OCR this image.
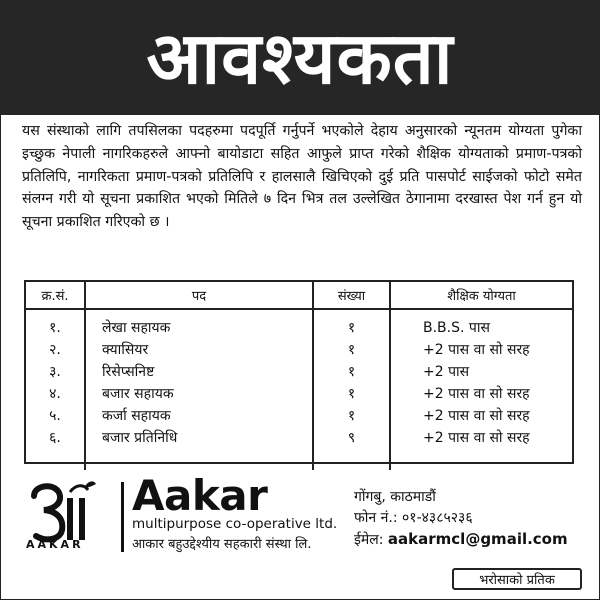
आवश्यकता

यस संस्थाको लागि तपसिलका पदहरुमा पदपूर्ति गर्नुपर्ने भएकोले देहाय अनुसारको न्यूनतम योग्यता पुगेका इच्छुक नेपाली नागरिकहरुले आफ्नो बायोडाटा सहित आफुले प्राप्त गरेको शैक्षिक योग्यताको प्रमाण-पत्रको प्रतिलिपि, नागरिकता प्रमाण-पत्रको प्रतिलिपि र हालसालै खिचिएको दुई प्रति पासपोर्ट साईजको फोटो समेत संलग्न गरी यो सूचना प्रकाशित भएको मितिले ७ दिन भित्र तल उल्लेखित ठेगानामा दरखास्त पेश गर्न हुन यो सूचना प्रकाशित गरिएको छ ।

क्र.सं.	पद	संख्या	शैक्षिक योग्यता
१.	लेखा सहायक	१	B.B.S. पास
२.	क्यासियर	१	+2 पास वा सो सरह
३.	रिसेप्सनिष्ट	१	+2 पास
४.	बजार सहायक	१	+2 पास वा सो सरह
५.	कर्जा सहायक	१	+2 पास वा सो सरह
६.	बजार प्रतिनिधि	९	+2 पास वा सो सरह

AAKAR
Aakar
multipurpose co-operative ltd.
आकार बहुउद्देश्यीय सहकारी संस्था लि.
गोंगबु, काठमाडौं
फोन नं.: ०१-४३८५२३६
ईमेल: aakarmcl@gmail.com
भरोसाको प्रतिक
